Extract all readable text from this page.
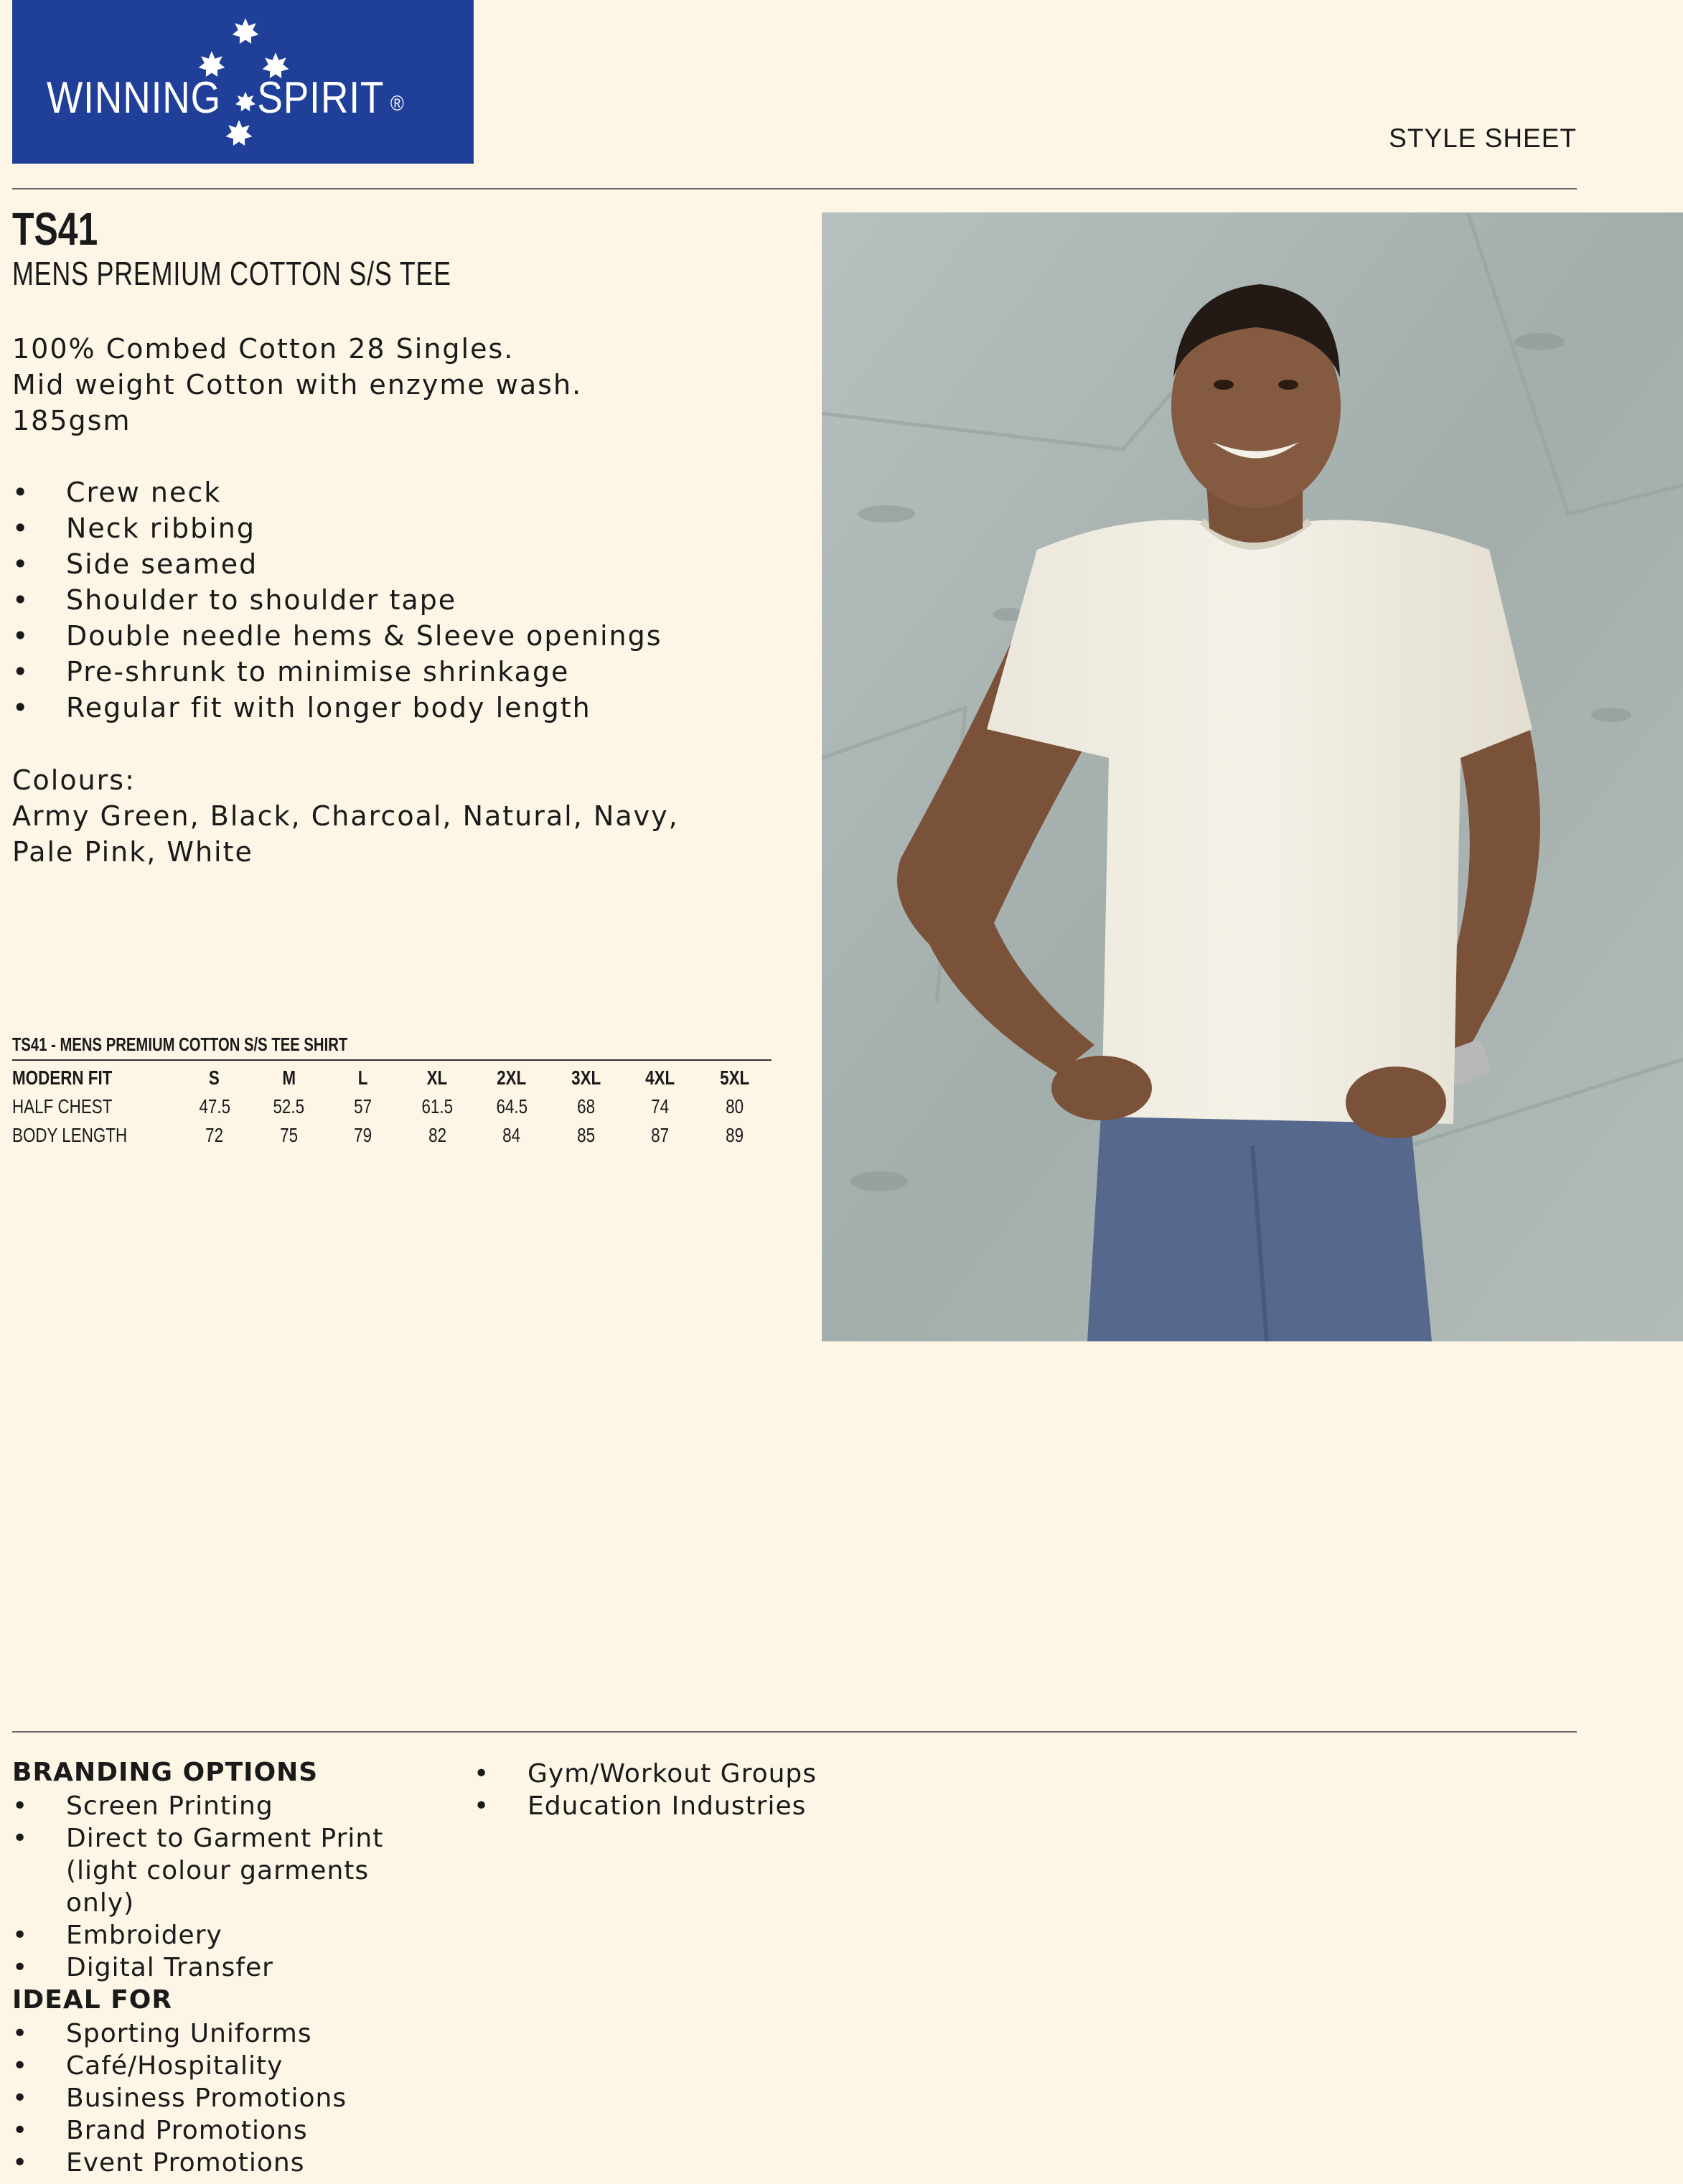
WINNING SPIRIT ®
STYLE SHEET
TS41
MENS PREMIUM COTTON S/S TEE
100% Combed Cotton 28 Singles.
Mid weight Cotton with enzyme wash.
185gsm
• Crew neck
• Neck ribbing
• Side seamed
• Shoulder to shoulder tape
• Double needle hems & Sleeve openings
• Pre-shrunk to minimise shrinkage
• Regular fit with longer body length
Colours:
Army Green, Black, Charcoal, Natural, Navy,
Pale Pink, White
TS41 - MENS PREMIUM COTTON S/S TEE SHIRT
MODERN FIT	S	M	L	XL	2XL	3XL	4XL	5XL
HALF CHEST	47.5	52.5	57	61.5	64.5	68	74	80
BODY LENGTH	72	75	79	82	84	85	87	89
BRANDING OPTIONS
• Screen Printing
• Direct to Garment Print (light colour garments only)
• Embroidery
• Digital Transfer
• Gym/Workout Groups
• Education Industries
IDEAL FOR
• Sporting Uniforms
• Café/Hospitality
• Business Promotions
• Brand Promotions
• Event Promotions
